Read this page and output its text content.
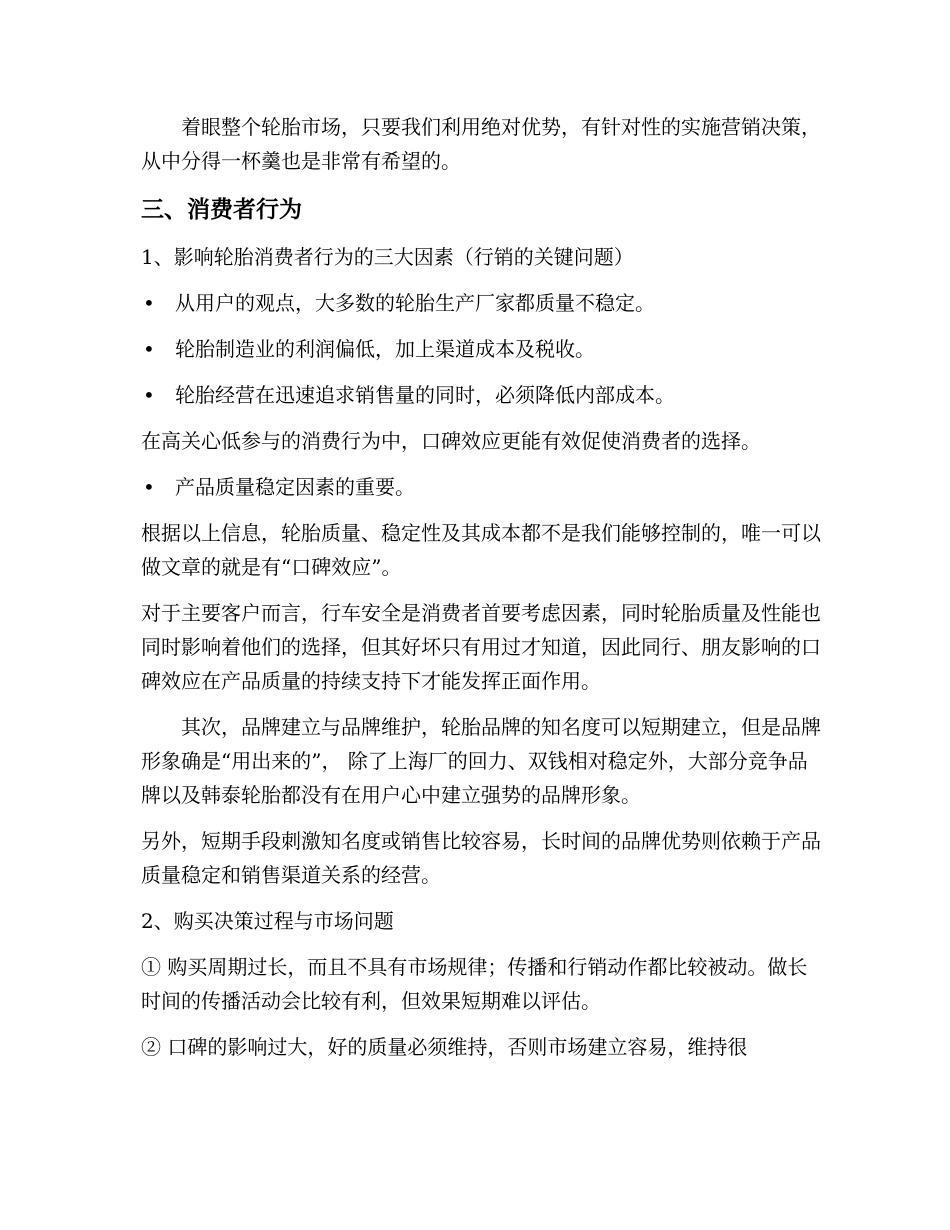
着眼整个轮胎市场，只要我们利用绝对优势，有针对性的实施营销决策，从中分得一杯羹也是非常有希望的。

三、消费者行为

1、影响轮胎消费者行为的三大因素（行销的关键问题）

•	从用户的观点，大多数的轮胎生产厂家都质量不稳定。
•	轮胎制造业的利润偏低，加上渠道成本及税收。
•	轮胎经营在迅速追求销售量的同时，必须降低内部成本。

在高关心低参与的消费行为中，口碑效应更能有效促使消费者的选择。

•	产品质量稳定因素的重要。

根据以上信息，轮胎质量、稳定性及其成本都不是我们能够控制的，唯一可以做文章的就是有“口碑效应”。

对于主要客户而言，行车安全是消费者首要考虑因素，同时轮胎质量及性能也同时影响着他们的选择，但其好坏只有用过才知道，因此同行、朋友影响的口碑效应在产品质量的持续支持下才能发挥正面作用。

其次，品牌建立与品牌维护，轮胎品牌的知名度可以短期建立，但是品牌形象确是“用出来的”， 除了上海厂的回力、双钱相对稳定外，大部分竞争品牌以及韩泰轮胎都没有在用户心中建立强势的品牌形象。

另外，短期手段刺激知名度或销售比较容易，长时间的品牌优势则依赖于产品质量稳定和销售渠道关系的经营。

2、购买决策过程与市场问题

① 购买周期过长，而且不具有市场规律；传播和行销动作都比较被动。做长时间的传播活动会比较有利，但效果短期难以评估。

② 口碑的影响过大，好的质量必须维持，否则市场建立容易，维持很
